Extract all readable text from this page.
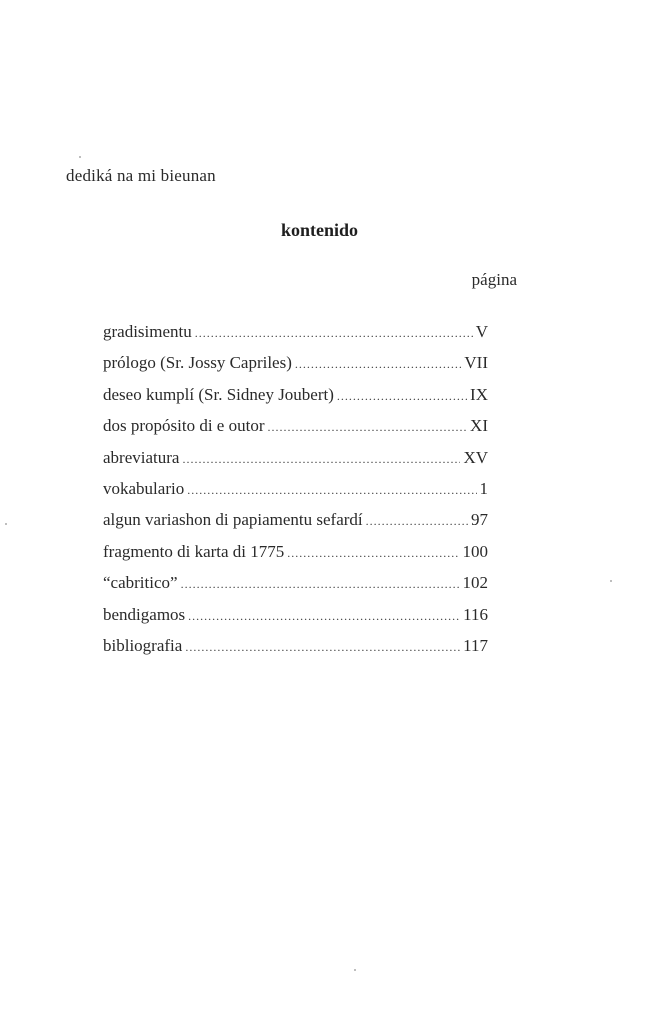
dediká na mi bieunan
kontenido
página
gradisimentu .....	V
prólogo (Sr. Jossy Capriles) .....	VII
deseo kumplí (Sr. Sidney Joubert) .....	IX
dos propósito di e outor .....	XI
abreviatura .....	XV
vokabulario .....	1
algun variashon di papiamentu sefardí .....	97
fragmento di karta di 1775 .....	100
“cabritico” .....	102
bendigamos .....	116
bibliografia .....	117
